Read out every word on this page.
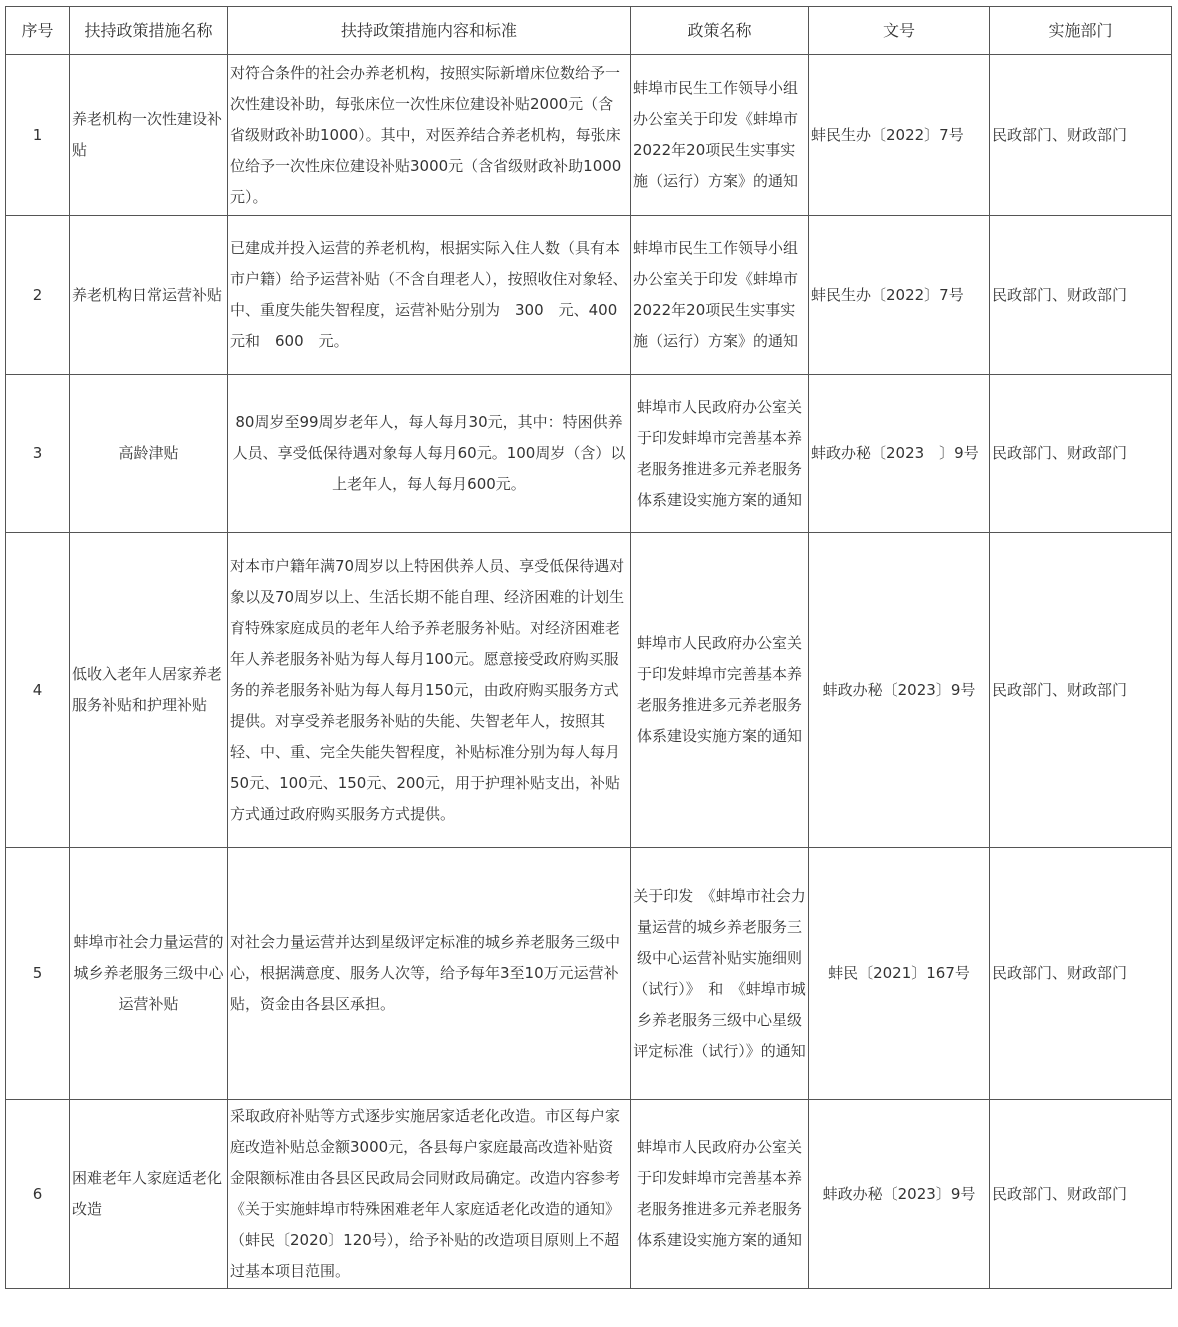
序号	扶持政策措施名称	扶持政策措施内容和标准	政策名称	文号	实施部门
1	养老机构一次性建设补贴	对符合条件的社会办养老机构，按照实际新增床位数给予一次性建设补助，每张床位一次性床位建设补贴2000元（含省级财政补助1000）。其中，对医养结合养老机构，每张床位给予一次性床位建设补贴3000元（含省级财政补助1000元）。	蚌埠市民生工作领导小组办公室关于印发《蚌埠市2022年20项民生实事实施（运行）方案》的通知	蚌民生办〔2022〕7号	民政部门、财政部门
2	养老机构日常运营补贴	已建成并投入运营的养老机构，根据实际入住人数（具有本市户籍）给予运营补贴（不含自理老人），按照收住对象轻、中、重度失能失智程度，运营补贴分别为　300　元、400　元和　600　元。	蚌埠市民生工作领导小组办公室关于印发《蚌埠市2022年20项民生实事实施（运行）方案》的通知	蚌民生办〔2022〕7号	民政部门、财政部门
3	高龄津贴	80周岁至99周岁老年人，每人每月30元，其中：特困供养人员、享受低保待遇对象每人每月60元。100周岁（含）以上老年人，每人每月600元。	蚌埠市人民政府办公室关于印发蚌埠市完善基本养老服务推进多元养老服务体系建设实施方案的通知	蚌政办秘〔2023　〕9号	民政部门、财政部门
4	低收入老年人居家养老服务补贴和护理补贴	对本市户籍年满70周岁以上特困供养人员、享受低保待遇对象以及70周岁以上、生活长期不能自理、经济困难的计划生育特殊家庭成员的老年人给予养老服务补贴。对经济困难老年人养老服务补贴为每人每月100元。愿意接受政府购买服务的养老服务补贴为每人每月150元，由政府购买服务方式提供。对享受养老服务补贴的失能、失智老年人，按照其轻、中、重、完全失能失智程度，补贴标准分别为每人每月50元、100元、150元、200元，用于护理补贴支出，补贴方式通过政府购买服务方式提供。	蚌埠市人民政府办公室关于印发蚌埠市完善基本养老服务推进多元养老服务体系建设实施方案的通知	蚌政办秘〔2023〕9号	民政部门、财政部门
5	蚌埠市社会力量运营的城乡养老服务三级中心运营补贴	对社会力量运营并达到星级评定标准的城乡养老服务三级中心，根据满意度、服务人次等，给予每年3至10万元运营补贴，资金由各县区承担。	关于印发　《蚌埠市社会力量运营的城乡养老服务三级中心运营补贴实施细则　（试行）》　和　《蚌埠市城乡养老服务三级中心星级评定标准（试行）》的通知	蚌民〔2021〕167号	民政部门、财政部门
6	困难老年人家庭适老化改造	采取政府补贴等方式逐步实施居家适老化改造。市区每户家庭改造补贴总金额3000元，各县每户家庭最高改造补贴资金限额标准由各县区民政局会同财政局确定。改造内容参考《关于实施蚌埠市特殊困难老年人家庭适老化改造的通知》（蚌民〔2020〕120号），给予补贴的改造项目原则上不超过基本项目范围。	蚌埠市人民政府办公室关于印发蚌埠市完善基本养老服务推进多元养老服务体系建设实施方案的通知	蚌政办秘〔2023〕9号	民政部门、财政部门
